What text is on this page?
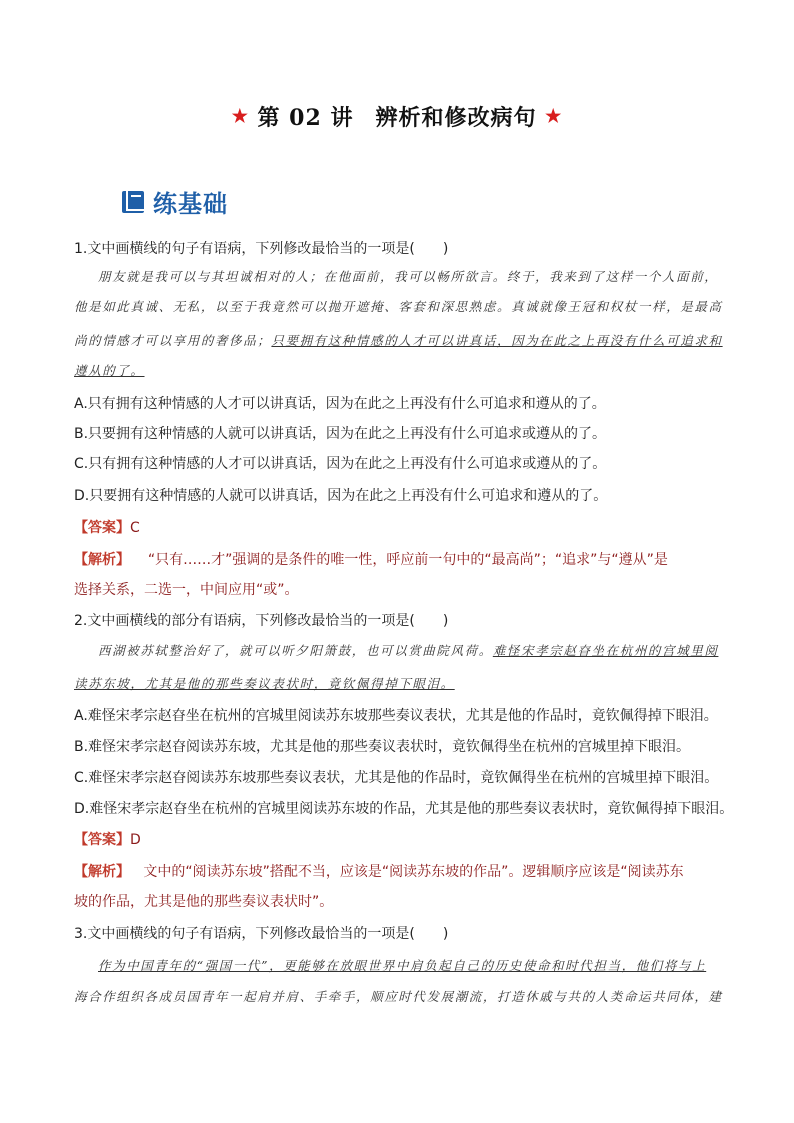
★ 第 02 讲 辨析和修改病句 ★
练基础
1.文中画横线的句子有语病，下列修改最恰当的一项是(　　)
朋友就是我可以与其坦诚相对的人；在他面前，我可以畅所欲言。终于，我来到了这样一个人面前，
他是如此真诚、无私，以至于我竟然可以抛开遮掩、客套和深思熟虑。真诚就像王冠和权杖一样，是最高
尚的情感才可以享用的奢侈品；只要拥有这种情感的人才可以讲真话，因为在此之上再没有什么可追求和
遵从的了。
A.只有拥有这种情感的人才可以讲真话，因为在此之上再没有什么可追求和遵从的了。
B.只要拥有这种情感的人就可以讲真话，因为在此之上再没有什么可追求或遵从的了。
C.只有拥有这种情感的人才可以讲真话，因为在此之上再没有什么可追求或遵从的了。
D.只要拥有这种情感的人就可以讲真话，因为在此之上再没有什么可追求和遵从的了。
【答案】C
【解析】 “只有……才”强调的是条件的唯一性，呼应前一句中的“最高尚”；“追求”与“遵从”是
选择关系，二选一，中间应用“或”。
2.文中画横线的部分有语病，下列修改最恰当的一项是(　　)
西湖被苏轼整治好了，就可以听夕阳箫鼓，也可以赏曲院风荷。难怪宋孝宗赵昚坐在杭州的宫城里阅
读苏东坡，尤其是他的那些奏议表状时，竟钦佩得掉下眼泪。
A.难怪宋孝宗赵昚坐在杭州的宫城里阅读苏东坡那些奏议表状，尤其是他的作品时，竟钦佩得掉下眼泪。
B.难怪宋孝宗赵昚阅读苏东坡，尤其是他的那些奏议表状时，竟钦佩得坐在杭州的宫城里掉下眼泪。
C.难怪宋孝宗赵昚阅读苏东坡那些奏议表状，尤其是他的作品时，竟钦佩得坐在杭州的宫城里掉下眼泪。
D.难怪宋孝宗赵昚坐在杭州的宫城里阅读苏东坡的作品，尤其是他的那些奏议表状时，竟钦佩得掉下眼泪。
【答案】D
【解析】 文中的“阅读苏东坡”搭配不当，应该是“阅读苏东坡的作品”。逻辑顺序应该是“阅读苏东
坡的作品，尤其是他的那些奏议表状时”。
3.文中画横线的句子有语病，下列修改最恰当的一项是(　　)
作为中国青年的“强国一代”，更能够在放眼世界中肩负起自己的历史使命和时代担当，他们将与上
海合作组织各成员国青年一起肩并肩、手牵手，顺应时代发展潮流，打造休戚与共的人类命运共同体，建
